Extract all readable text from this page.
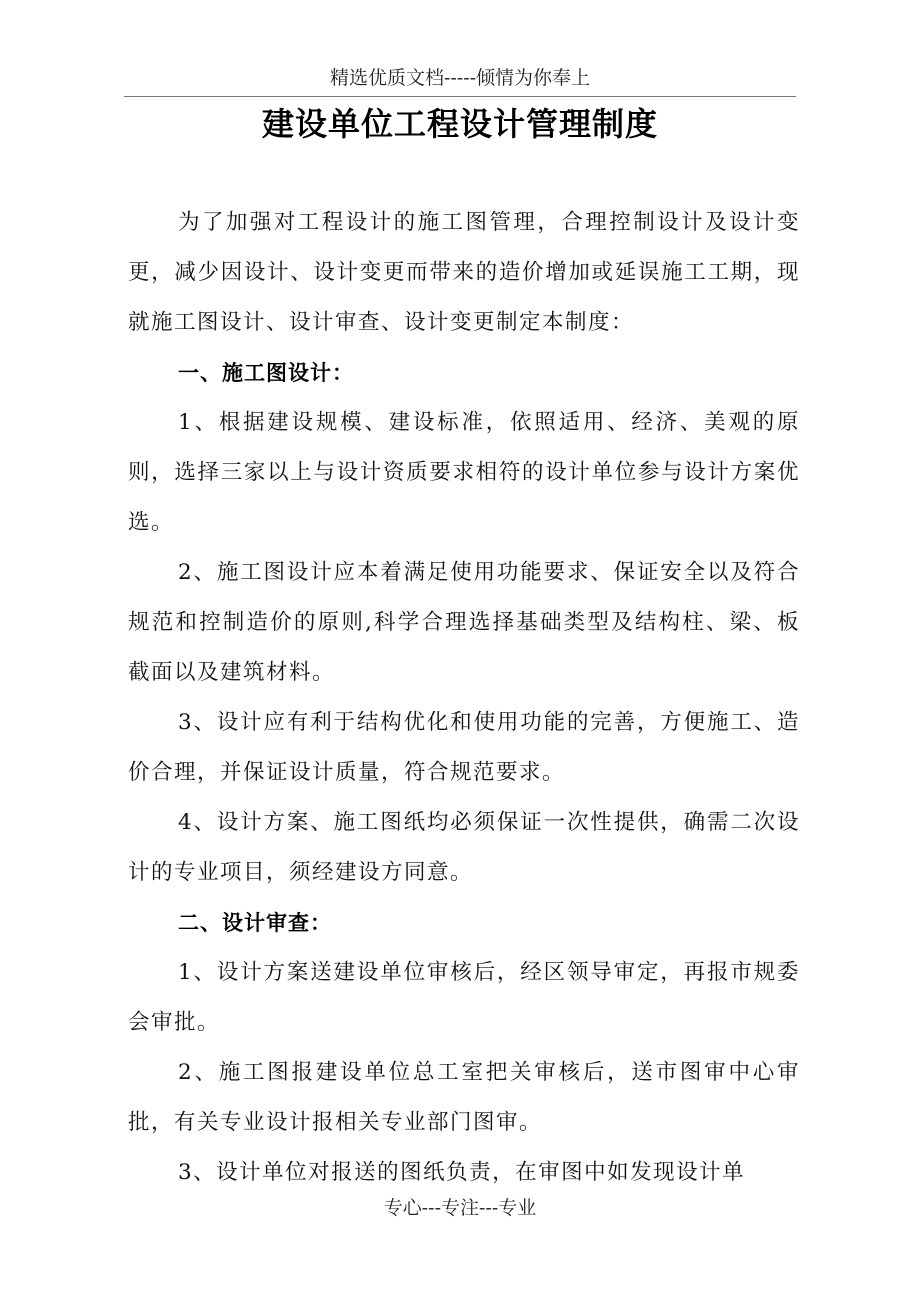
精选优质文档-----倾情为你奉上
建设单位工程设计管理制度

为了加强对工程设计的施工图管理，合理控制设计及设计变更，减少因设计、设计变更而带来的造价增加或延误施工工期，现就施工图设计、设计审查、设计变更制定本制度：

一、施工图设计：

1、根据建设规模、建设标准，依照适用、经济、美观的原则，选择三家以上与设计资质要求相符的设计单位参与设计方案优选。

2、施工图设计应本着满足使用功能要求、保证安全以及符合规范和控制造价的原则,科学合理选择基础类型及结构柱、梁、板截面以及建筑材料。

3、设计应有利于结构优化和使用功能的完善，方便施工、造价合理，并保证设计质量，符合规范要求。

4、设计方案、施工图纸均必须保证一次性提供，确需二次设计的专业项目，须经建设方同意。

二、设计审查：

1、设计方案送建设单位审核后，经区领导审定，再报市规委会审批。

2、施工图报建设单位总工室把关审核后，送市图审中心审批，有关专业设计报相关专业部门图审。

3、设计单位对报送的图纸负责，在审图中如发现设计单

专心---专注---专业
